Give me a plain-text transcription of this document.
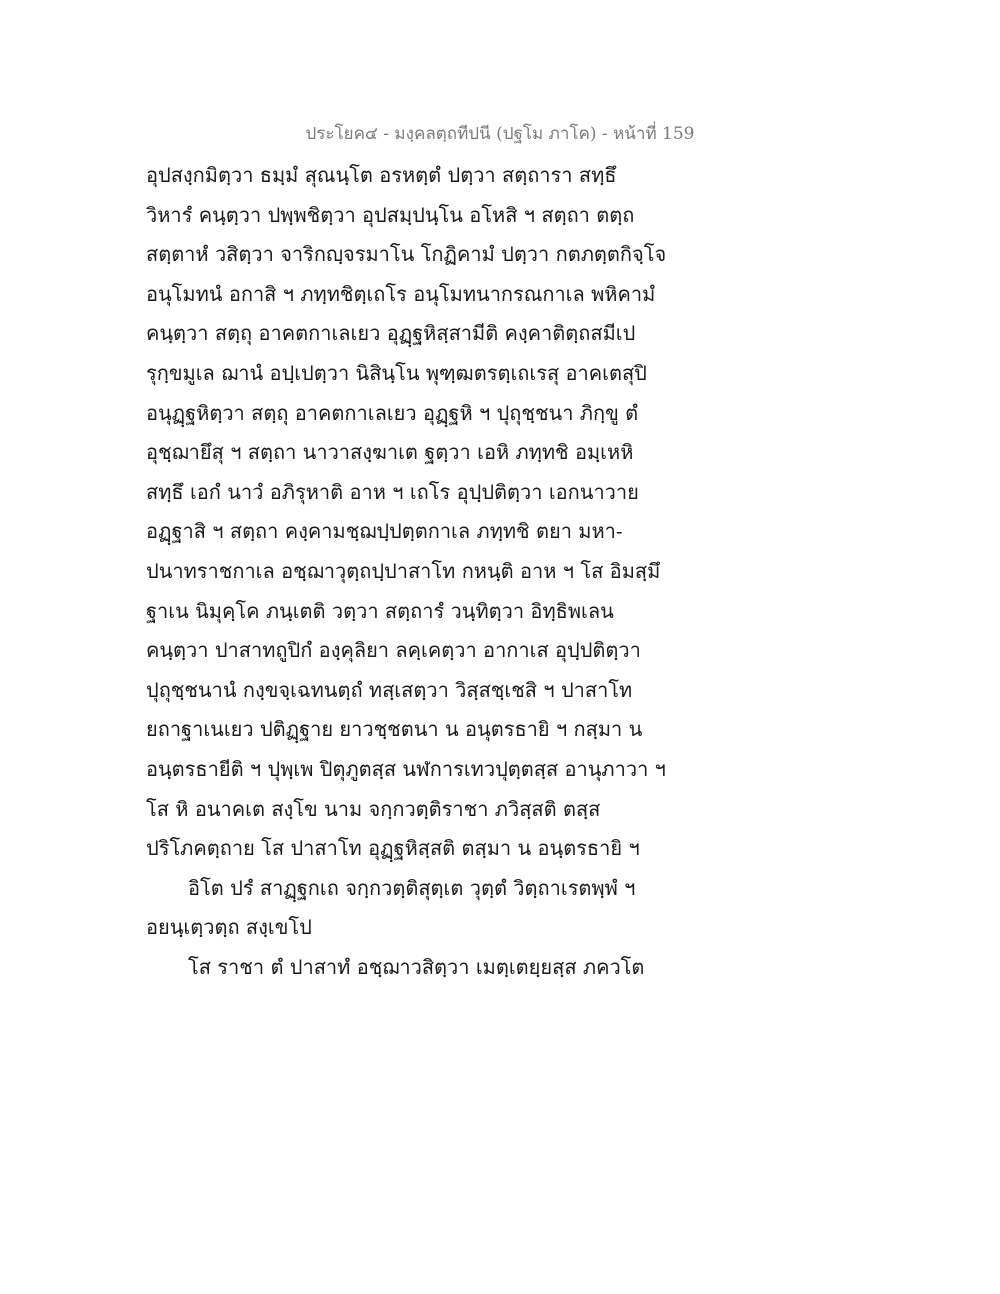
ประโยค๔ - มงฺคลตฺถทีปนี (ปฐโม ภาโค) - หน้าที่ 159
อุปสงฺกมิตฺวา ธมฺมํ สุณนฺโต อรหตฺตํ ปตฺวา สตฺถารา สทฺธึ
วิหารํ คนฺตฺวา ปพฺพชิตฺวา อุปสมฺปนฺโน อโหสิ ฯ สตฺถา ตตฺถ
สตฺตาหํ วสิตฺวา จาริกญฺจรมาโน โกฏิคามํ ปตฺวา กตภตฺตกิจฺโจ
อนุโมทนํ อกาสิ ฯ ภทฺทชิตฺเถโร อนุโมทนากรณกาเล พหิคามํ
คนฺตฺวา สตฺถุ อาคตกาเลเยว อุฏฺฐหิสฺสามีติ คงฺคาติตฺถสมีเป
รุกฺขมูเล ฌานํ อปฺเปตฺวา นิสินฺโน พุฑฺฒตรตฺเถเรสุ อาคเตสุปิ
อนุฏฺฐหิตฺวา สตฺถุ อาคตกาเลเยว อุฏฺฐหิ ฯ ปุถุชฺชนา ภิกฺขู ตํ
อุชฺฌายึสุ ฯ สตฺถา นาวาสงฺฆาเต ฐตฺวา เอหิ ภทฺทชิ อมฺเหหิ
สทฺธึ เอกํ นาวํ อภิรุหาติ อาห ฯ เถโร อุปฺปติตฺวา เอกนาวาย
อฏฺฐาสิ ฯ สตฺถา คงฺคามชฺฌปฺปตฺตกาเล ภทฺทชิ ตยา มหา-
ปนาทราชกาเล อชฺฌาวุตฺถปฺปาสาโท กหนฺติ อาห ฯ โส อิมสฺมึ
ฐาเน นิมุคฺโค ภนฺเตติ วตฺวา สตฺถารํ วนฺทิตฺวา อิทฺธิพเลน
คนฺตฺวา ปาสาทถูปิกํ องฺคุลิยา ลคฺเคตฺวา อากาเส อุปฺปติตฺวา
ปุถุชฺชนานํ กงฺขจฺเฉทนตฺถํ ทสฺเสตฺวา วิสฺสชฺเชสิ ฯ ปาสาโท
ยถาฐาเนเยว ปติฏฺฐาย ยาวชฺชตนา น อนุตรธายิ ฯ กสฺมา น
อนฺตรธายีติ ฯ ปุพฺเพ ปิตุภูตสฺส นฬการเทวปุตฺตสฺส อานุภาวา ฯ
โส หิ อนาคเต สงฺโข นาม จกฺกวตฺติราชา ภวิสฺสติ ตสฺส
ปริโภคตฺถาย โส ปาสาโท อุฏฺฐหิสฺสติ ตสฺมา น อนฺตรธายิ ฯ
อิโต ปรํ สาฏฺฐกเถ จกฺกวตฺติสุตฺเต วุตฺตํ วิตฺถาเรตพฺพํ ฯ
อยนฺเตฺวตฺถ สงฺเขโป
โส ราชา ตํ ปาสาทํ อชฺฌาวสิตฺวา เมตฺเตยฺยสฺส ภควโต
